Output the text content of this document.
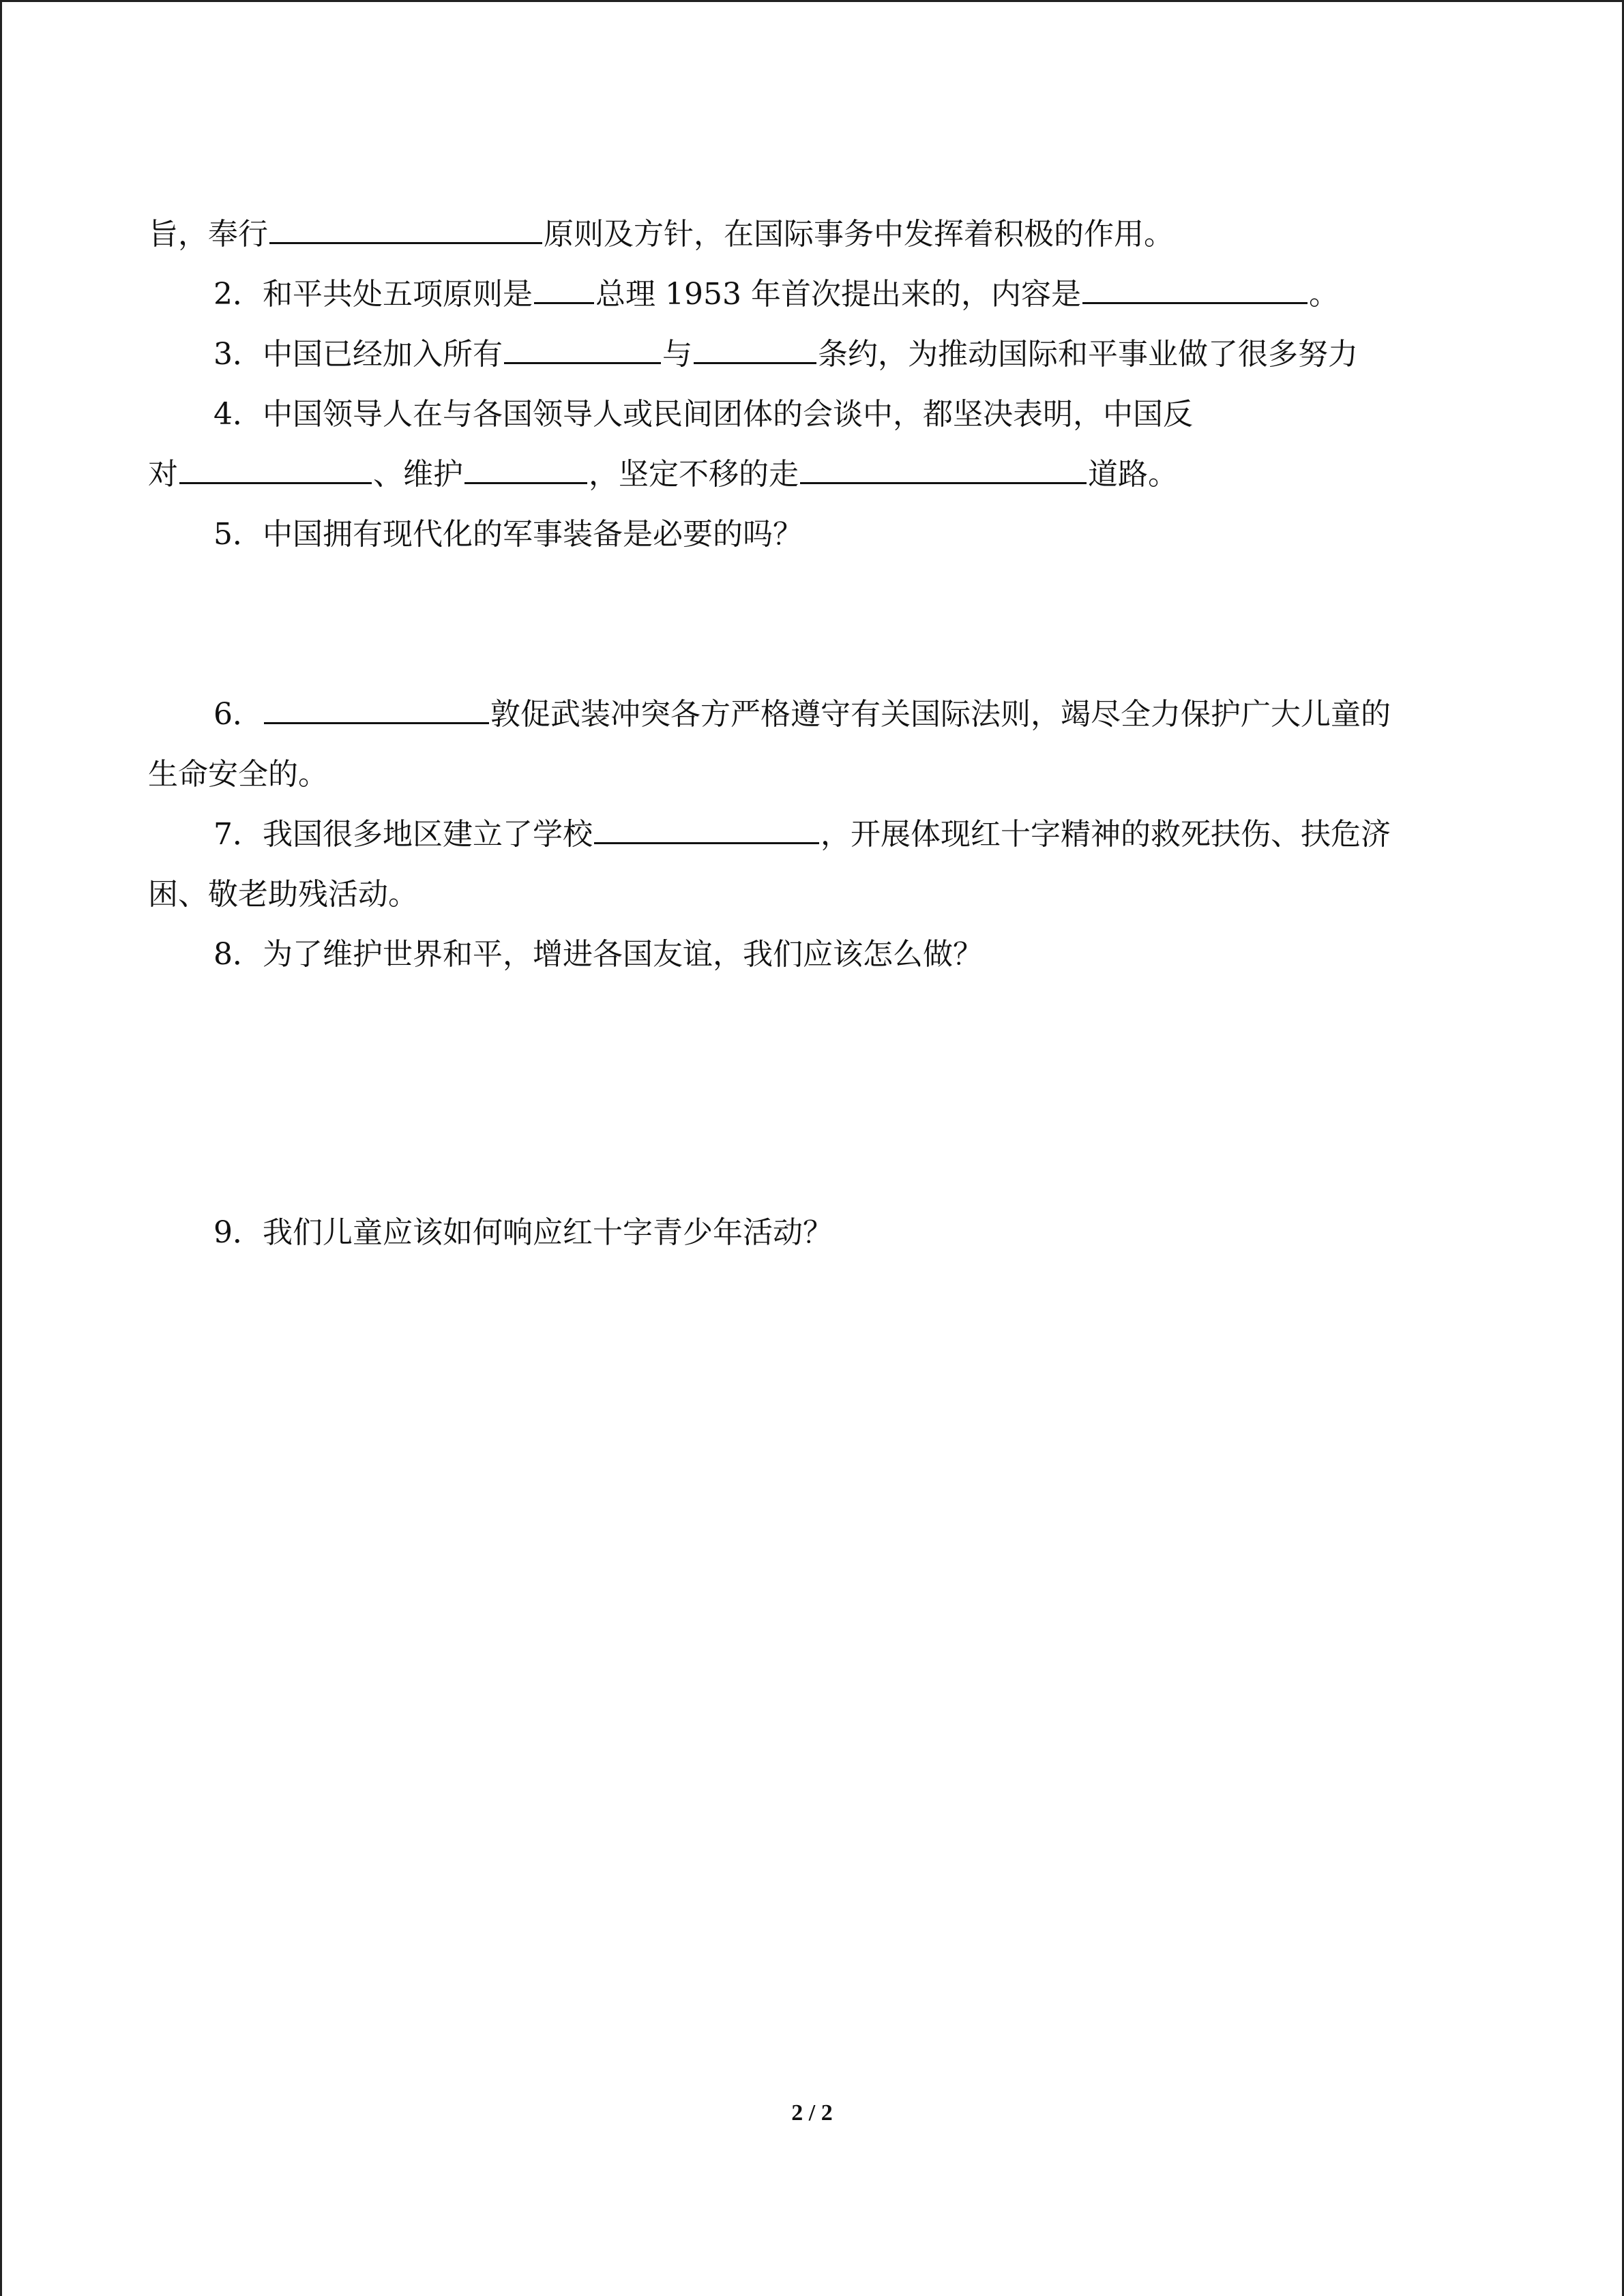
旨，奉行	原则及方针，在国际事务中发挥着积极的作用。
2．和平共处五项原则是 总理 1953 年首次提出来的，内容是	。
3．中国已经加入所有	与	条约，为推动国际和平事业做了很多努力
4．中国领导人在与各国领导人或民间团体的会谈中，都坚决表明，中国反
对	、维护	，坚定不移的走	道路。
5．中国拥有现代化的军事装备是必要的吗？
6．	敦促武装冲突各方严格遵守有关国际法则，竭尽全力保护广大儿童的
生命安全的。
7．我国很多地区建立了学校	，开展体现红十字精神的救死扶伤、扶危济
困、敬老助残活动。
8．为了维护世界和平，增进各国友谊，我们应该怎么做？
9．我们儿童应该如何响应红十字青少年活动？
2 / 2
